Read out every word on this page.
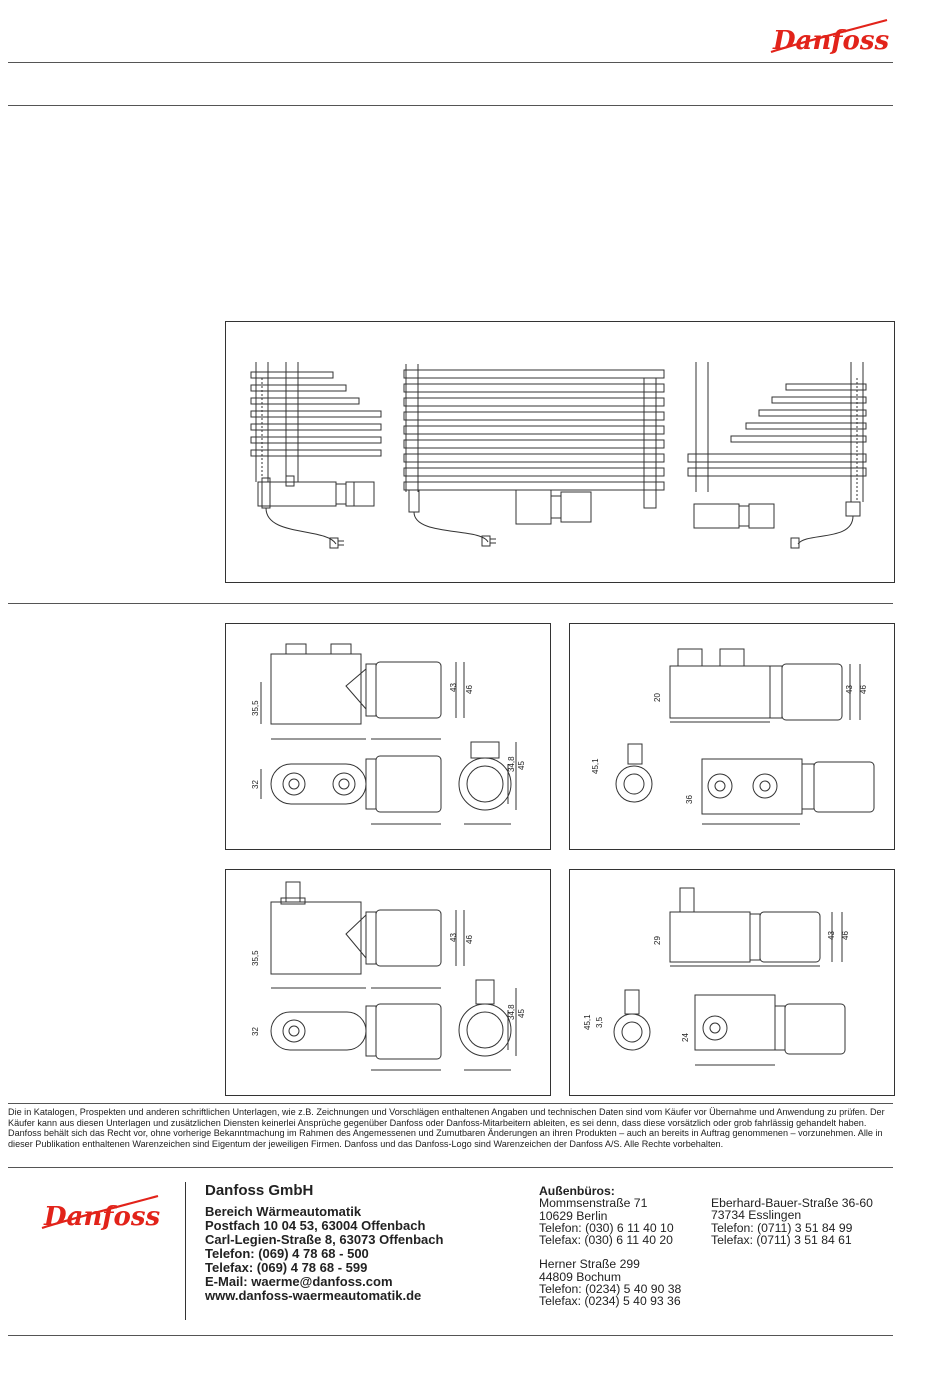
Danfoss
43 46
35,5
32
34,8 45
43 46
20
45,1
36
43 46
35,5
32
34,8 45
43 46
29
45,1 3,5
24

Die in Katalogen, Prospekten und anderen schriftlichen Unterlagen, wie z.B. Zeichnungen und Vorschlägen enthaltenen Angaben und technischen Daten sind vom Käufer vor Übernahme und Anwendung zu prüfen. Der Käufer kann aus diesen Unterlagen und zusätzlichen Diensten keinerlei Ansprüche gegenüber Danfoss oder Danfoss-Mitarbeitern ableiten, es sei denn, dass diese vorsätzlich oder grob fahrlässig gehandelt haben. Danfoss behält sich das Recht vor, ohne vorherige Bekanntmachung im Rahmen des Angemessenen und Zumutbaren Änderungen an ihren Produkten – auch an bereits in Auftrag genommenen – vorzunehmen. Alle in dieser Publikation enthaltenen Warenzeichen sind Eigentum der jeweiligen Firmen. Danfoss und das Danfoss-Logo sind Warenzeichen der Danfoss A/S. Alle Rechte vorbehalten.

Danfoss
Danfoss GmbH
Bereich Wärmeautomatik
Postfach 10 04 53, 63004 Offenbach
Carl-Legien-Straße 8, 63073 Offenbach
Telefon: (069) 4 78 68 - 500
Telefax: (069) 4 78 68 - 599
E-Mail: waerme@danfoss.com
www.danfoss-waermeautomatik.de
Außenbüros:
Mommsenstraße 71
10629 Berlin
Telefon: (030) 6 11 40 10
Telefax: (030) 6 11 40 20
Herner Straße 299
44809 Bochum
Telefon: (0234) 5 40 90 38
Telefax: (0234) 5 40 93 36
Eberhard-Bauer-Straße 36-60
73734 Esslingen
Telefon: (0711) 3 51 84 99
Telefax: (0711) 3 51 84 61
